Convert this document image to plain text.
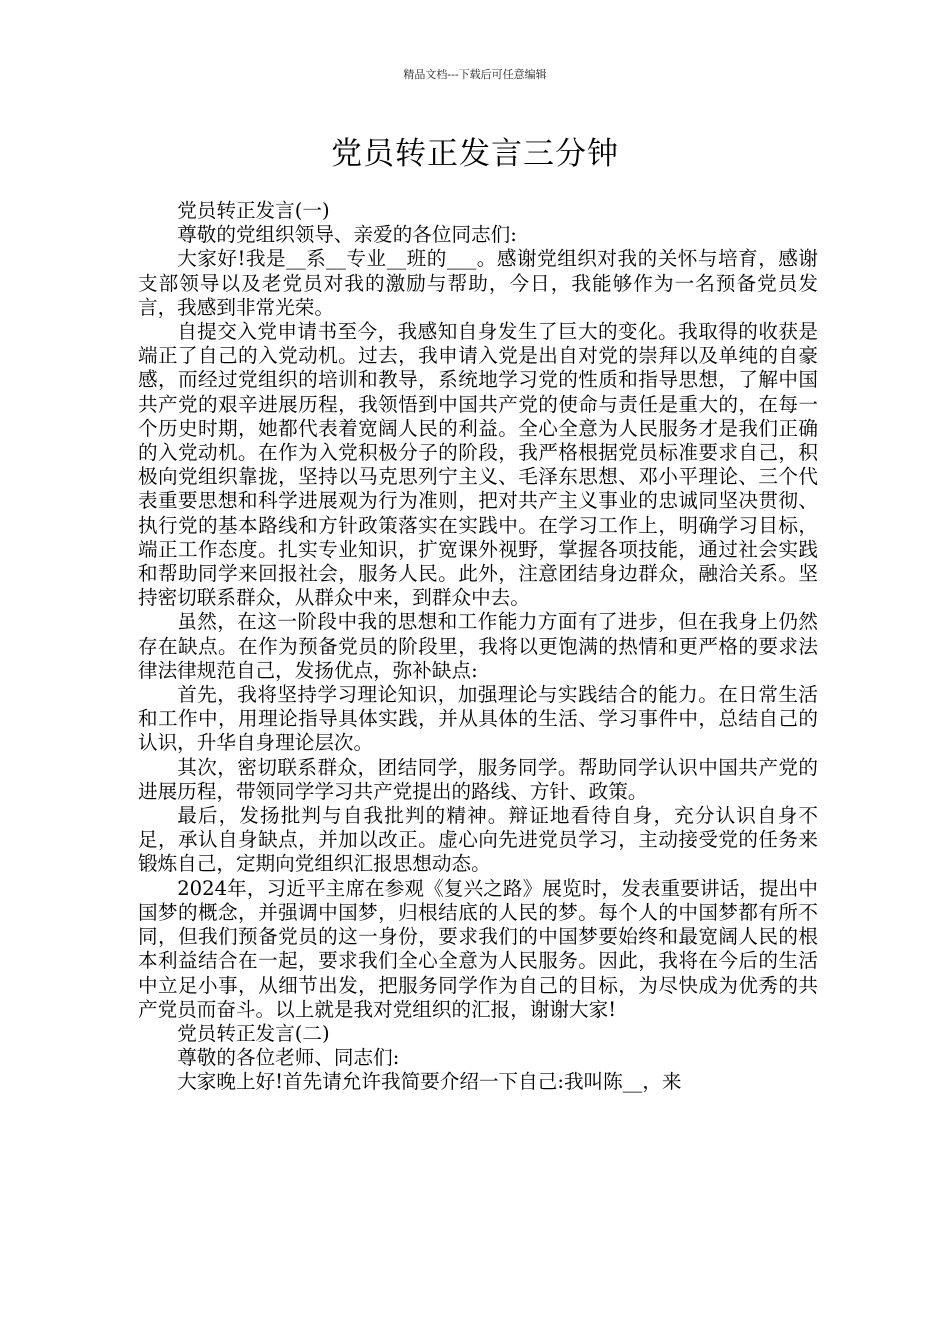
精品文档---下载后可任意编辑
党员转正发言三分钟

党员转正发言(一)

尊敬的党组织领导、亲爱的各位同志们:

大家好!我是__系__专业__班的___。感谢党组织对我的关怀与培育，感谢支部领导以及老党员对我的激励与帮助，今日，我能够作为一名预备党员发言，我感到非常光荣。

自提交入党申请书至今，我感知自身发生了巨大的变化。我取得的收获是端正了自己的入党动机。过去，我申请入党是出自对党的崇拜以及单纯的自豪感，而经过党组织的培训和教导，系统地学习党的性质和指导思想，了解中国共产党的艰辛进展历程，我领悟到中国共产党的使命与责任是重大的，在每一个历史时期，她都代表着宽阔人民的利益。全心全意为人民服务才是我们正确的入党动机。在作为入党积极分子的阶段，我严格根据党员标准要求自己，积极向党组织靠拢，坚持以马克思列宁主义、毛泽东思想、邓小平理论、三个代表重要思想和科学进展观为行为准则，把对共产主义事业的忠诚同坚决贯彻、执行党的基本路线和方针政策落实在实践中。在学习工作上，明确学习目标，端正工作态度。扎实专业知识，扩宽课外视野，掌握各项技能，通过社会实践和帮助同学来回报社会，服务人民。此外，注意团结身边群众，融洽关系。坚持密切联系群众，从群众中来，到群众中去。

虽然，在这一阶段中我的思想和工作能力方面有了进步，但在我身上仍然存在缺点。在作为预备党员的阶段里，我将以更饱满的热情和更严格的要求法律法律规范自己，发扬优点，弥补缺点:

首先，我将坚持学习理论知识，加强理论与实践结合的能力。在日常生活和工作中，用理论指导具体实践，并从具体的生活、学习事件中，总结自己的认识，升华自身理论层次。

其次，密切联系群众，团结同学，服务同学。帮助同学认识中国共产党的进展历程，带领同学学习共产党提出的路线、方针、政策。

最后，发扬批判与自我批判的精神。辩证地看待自身，充分认识自身不足，承认自身缺点，并加以改正。虚心向先进党员学习，主动接受党的任务来锻炼自己，定期向党组织汇报思想动态。

2024年，习近平主席在参观《复兴之路》展览时，发表重要讲话，提出中国梦的概念，并强调中国梦，归根结底的人民的梦。每个人的中国梦都有所不同，但我们预备党员的这一身份，要求我们的中国梦要始终和最宽阔人民的根本利益结合在一起，要求我们全心全意为人民服务。因此，我将在今后的生活中立足小事，从细节出发，把服务同学作为自己的目标，为尽快成为优秀的共产党员而奋斗。以上就是我对党组织的汇报，谢谢大家!

党员转正发言(二)

尊敬的各位老师、同志们:

大家晚上好!首先请允许我简要介绍一下自己:我叫陈__，来
